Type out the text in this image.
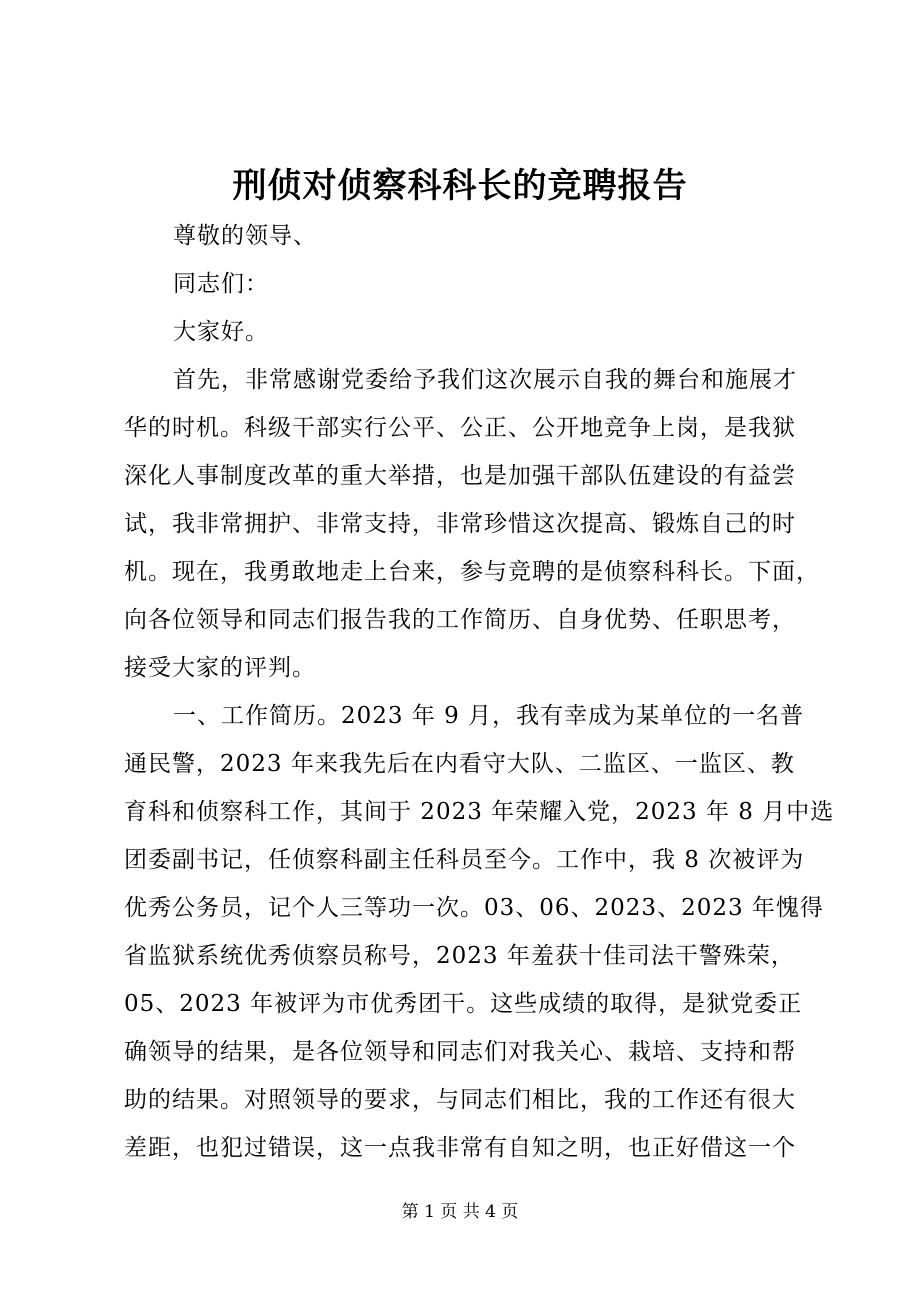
刑侦对侦察科科长的竞聘报告
尊敬的领导、
同志们：
大家好。
首先，非常感谢党委给予我们这次展示自我的舞台和施展才
华的时机。科级干部实行公平、公正、公开地竞争上岗，是我狱
深化人事制度改革的重大举措，也是加强干部队伍建设的有益尝
试，我非常拥护、非常支持，非常珍惜这次提高、锻炼自己的时
机。现在，我勇敢地走上台来，参与竞聘的是侦察科科长。下面，
向各位领导和同志们报告我的工作简历、自身优势、任职思考，
接受大家的评判。
一、工作简历。2023 年 9 月，我有幸成为某单位的一名普
通民警，2023 年来我先后在内看守大队、二监区、一监区、教
育科和侦察科工作，其间于 2023 年荣耀入党，2023 年 8 月中选
团委副书记，任侦察科副主任科员至今。工作中，我 8 次被评为
优秀公务员，记个人三等功一次。03、06、2023、2023 年愧得
省监狱系统优秀侦察员称号，2023 年羞获十佳司法干警殊荣，
05、2023 年被评为市优秀团干。这些成绩的取得，是狱党委正
确领导的结果，是各位领导和同志们对我关心、栽培、支持和帮
助的结果。对照领导的要求，与同志们相比，我的工作还有很大
差距，也犯过错误，这一点我非常有自知之明，也正好借这一个
第 1 页 共 4 页
